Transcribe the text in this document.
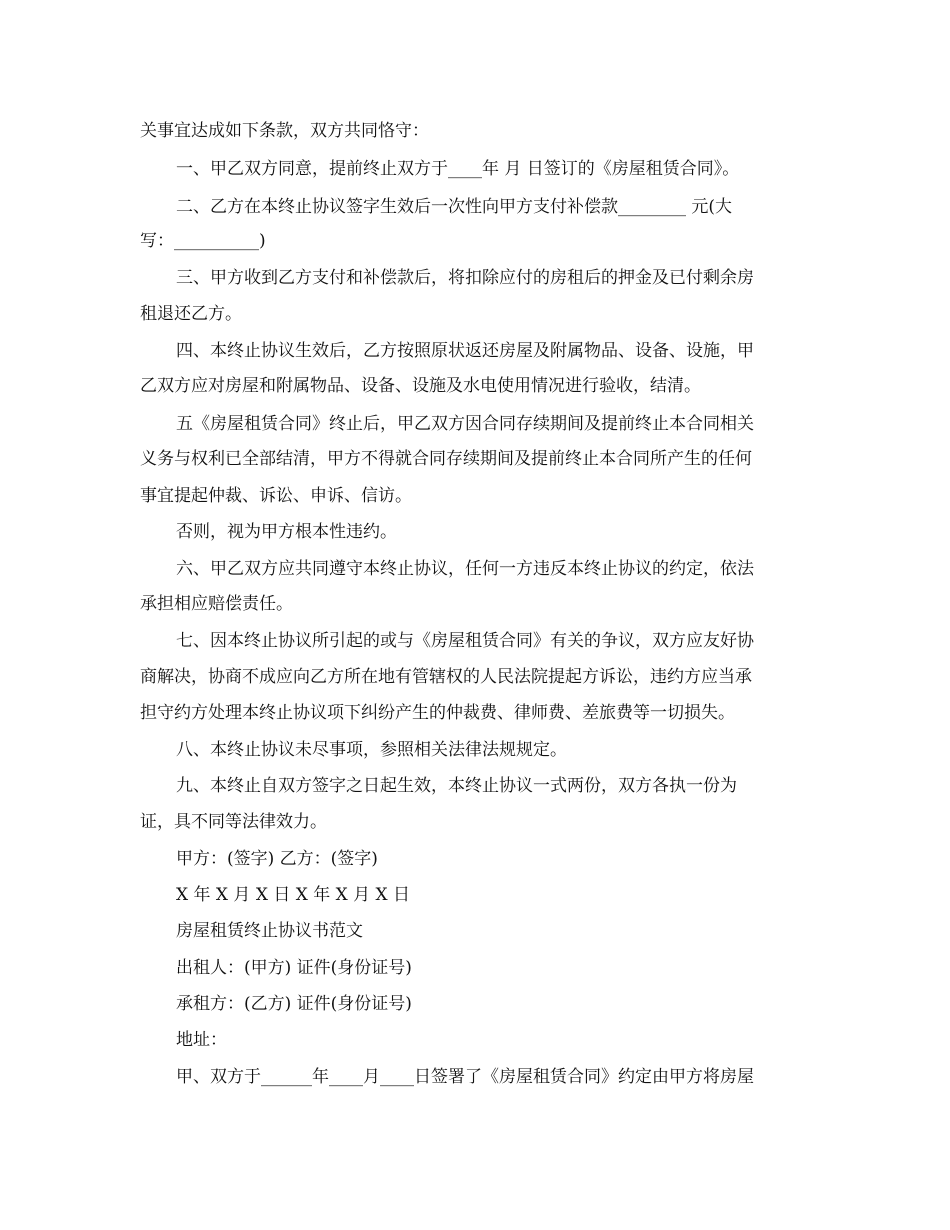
关事宜达成如下条款，双方共同恪守：
一、甲乙双方同意，提前终止双方于____年 月 日签订的《房屋租赁合同》。
二、乙方在本终止协议签字生效后一次性向甲方支付补偿款________ 元(大
写：__________)
三、甲方收到乙方支付和补偿款后，将扣除应付的房租后的押金及已付剩余房
租退还乙方。
四、本终止协议生效后，乙方按照原状返还房屋及附属物品、设备、设施，甲
乙双方应对房屋和附属物品、设备、设施及水电使用情况进行验收，结清。
五《房屋租赁合同》终止后，甲乙双方因合同存续期间及提前终止本合同相关
义务与权利已全部结清，甲方不得就合同存续期间及提前终止本合同所产生的任何
事宜提起仲裁、诉讼、申诉、信访。
否则，视为甲方根本性违约。
六、甲乙双方应共同遵守本终止协议，任何一方违反本终止协议的约定，依法
承担相应赔偿责任。
七、因本终止协议所引起的或与《房屋租赁合同》有关的争议，双方应友好协
商解决，协商不成应向乙方所在地有管辖权的人民法院提起方诉讼，违约方应当承
担守约方处理本终止协议项下纠纷产生的仲裁费、律师费、差旅费等一切损失。
八、本终止协议未尽事项，参照相关法律法规规定。
九、本终止自双方签字之日起生效，本终止协议一式两份，双方各执一份为
证，具不同等法律效力。
甲方：(签字) 乙方：(签字)
X 年 X 月 X 日 X 年 X 月 X 日
房屋租赁终止协议书范文
出租人：(甲方) 证件(身份证号)
承租方：(乙方) 证件(身份证号)
地址：
甲、双方于______年____月____日签署了《房屋租赁合同》约定由甲方将房屋
